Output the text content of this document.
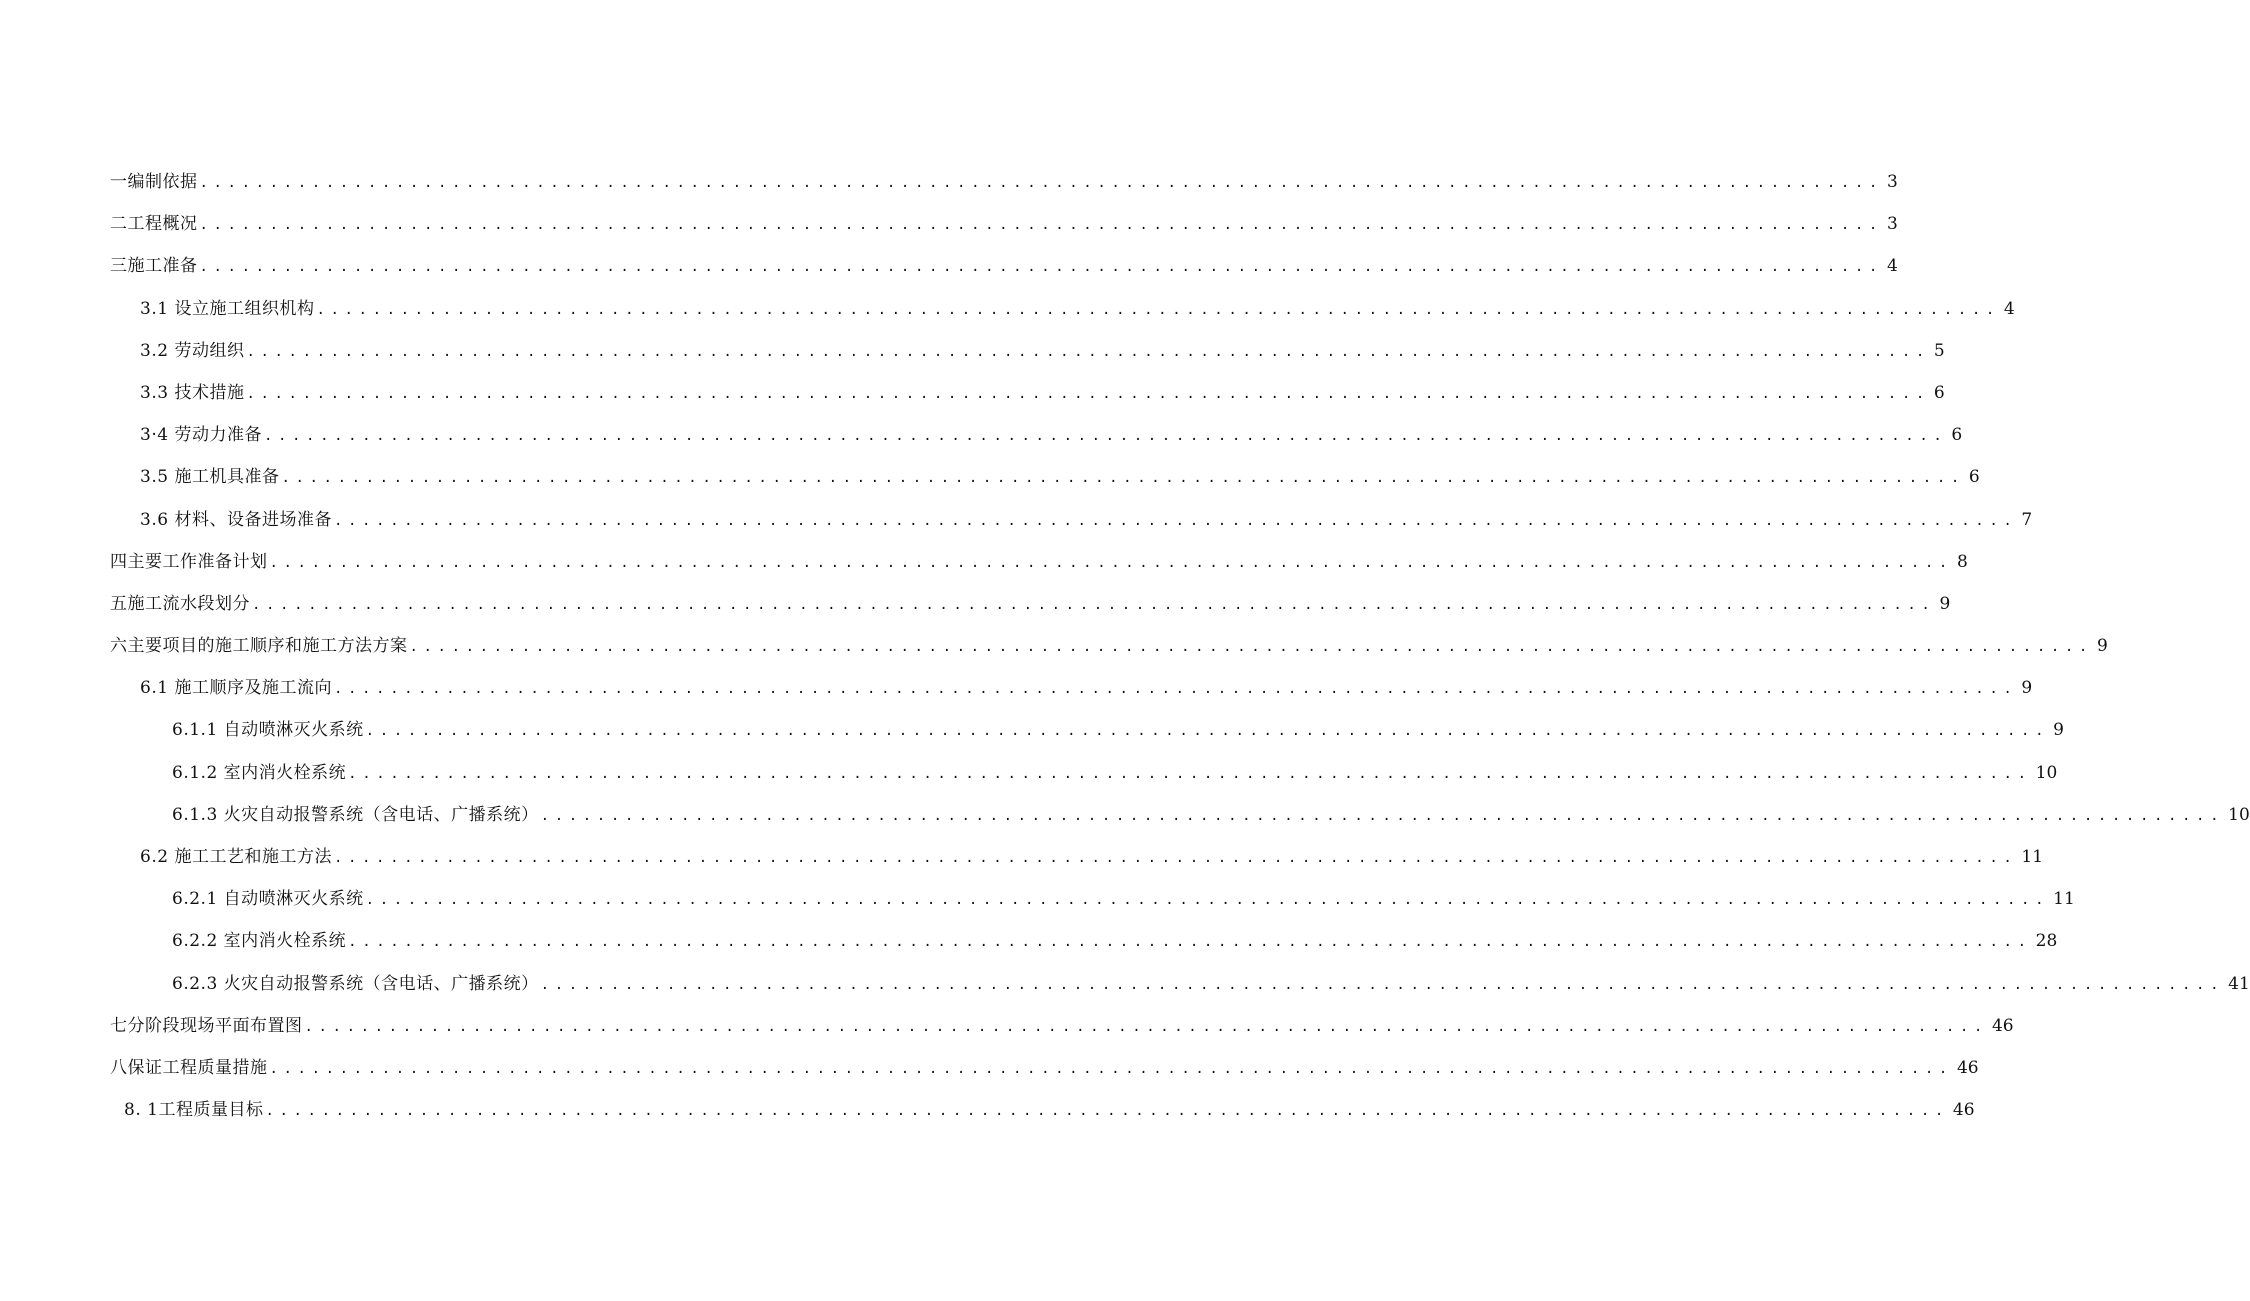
一编制依据 ........................................................................................................................ 3
二工程概况 ........................................................................................................................ 3
三施工准备 ........................................................................................................................ 4
3.1 设立施工组织机构 ........................................................................................................................ 4
3.2 劳动组织 ........................................................................................................................ 5
3.3 技术措施 ........................................................................................................................ 6
3·4 劳动力准备 ........................................................................................................................ 6
3.5 施工机具准备 ........................................................................................................................ 6
3.6 材料、设备进场准备 ........................................................................................................................ 7
四主要工作准备计划 ........................................................................................................................ 8
五施工流水段划分 ........................................................................................................................ 9
六主要项目的施工顺序和施工方法方案 ........................................................................................................................ 9
6.1 施工顺序及施工流向 ........................................................................................................................ 9
6.1.1 自动喷淋灭火系统 ........................................................................................................................ 9
6.1.2 室内消火栓系统 ........................................................................................................................ 10
6.1.3 火灾自动报警系统（含电话、广播系统） ........................................................................................................................ 10
6.2 施工工艺和施工方法 ........................................................................................................................ 11
6.2.1 自动喷淋灭火系统 ........................................................................................................................ 11
6.2.2 室内消火栓系统 ........................................................................................................................ 28
6.2.3 火灾自动报警系统（含电话、广播系统） ........................................................................................................................ 41
七分阶段现场平面布置图 ........................................................................................................................ 46
八保证工程质量措施 ........................................................................................................................ 46
8. 1工程质量目标 ........................................................................................................................ 46
